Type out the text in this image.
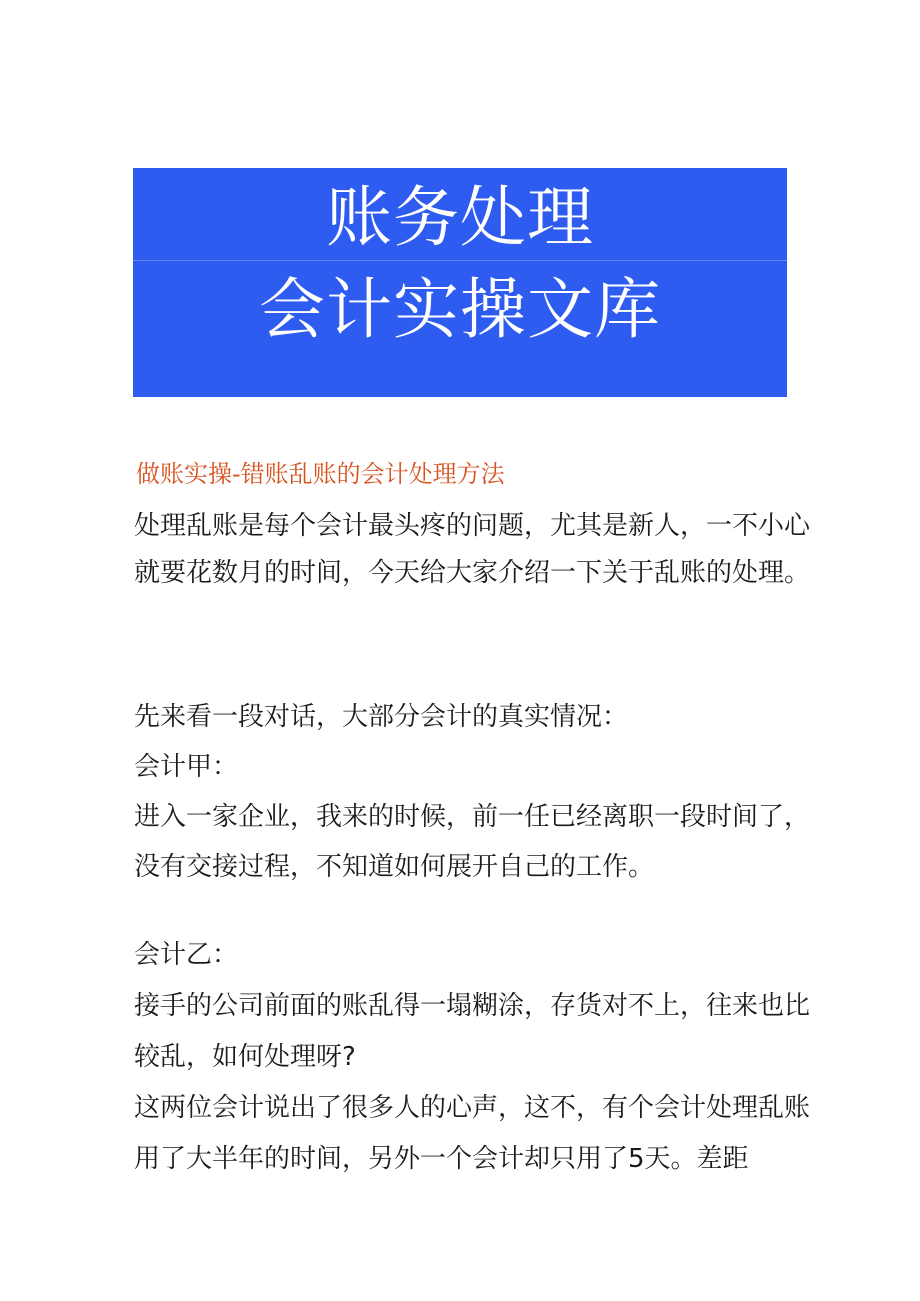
账务处理
会计实操文库
做账实操-错账乱账的会计处理方法
处理乱账是每个会计最头疼的问题，尤其是新人，一不小心
就要花数月的时间，今天给大家介绍一下关于乱账的处理。
先来看一段对话，大部分会计的真实情况：
会计甲：
进入一家企业，我来的时候，前一任已经离职一段时间了，
没有交接过程，不知道如何展开自己的工作。
会计乙：
接手的公司前面的账乱得一塌糊涂，存货对不上，往来也比
较乱，如何处理呀?
这两位会计说出了很多人的心声，这不，有个会计处理乱账
用了大半年的时间，另外一个会计却只用了5天。差距
